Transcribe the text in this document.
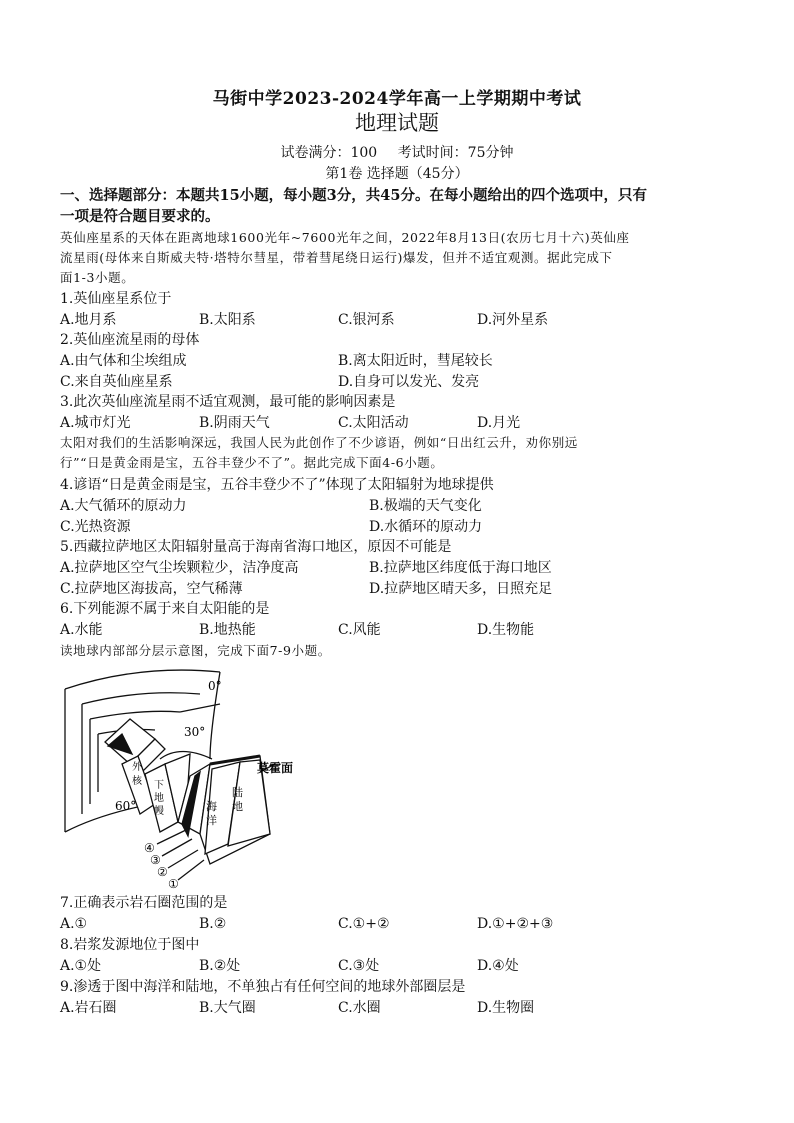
马街中学2023-2024学年高一上学期期中考试
地理试题
试卷满分：100 考试时间：75分钟
第1卷 选择题（45分）
一、选择题部分：本题共15小题，每小题3分，共45分。在每小题给出的四个选项中，只有
一项是符合题目要求的。
英仙座星系的天体在距离地球1600光年~7600光年之间，2022年8月13日(农历七月十六)英仙座
流星雨(母体来自斯威夫特·塔特尔彗星，带着彗尾绕日运行)爆发，但并不适宜观测。据此完成下
面1-3小题。
1.英仙座星系位于
A.地月系	B.太阳系	C.银河系	D.河外星系
2.英仙座流星雨的母体
A.由气体和尘埃组成	B.离太阳近时，彗尾较长
C.来自英仙座星系	D.自身可以发光、发亮
3.此次英仙座流星雨不适宜观测，最可能的影响因素是
A.城市灯光	B.阴雨天气	C.太阳活动	D.月光
太阳对我们的生活影响深远，我国人民为此创作了不少谚语，例如“日出红云升，劝你别远
行”“日是黄金雨是宝，五谷丰登少不了”。据此完成下面4-6小题。
4.谚语“日是黄金雨是宝，五谷丰登少不了”体现了太阳辐射为地球提供
A.大气循环的原动力	B.极端的天气变化
C.光热资源	D.水循环的原动力
5.西藏拉萨地区太阳辐射量高于海南省海口地区，原因不可能是
A.拉萨地区空气尘埃颗粒少，洁净度高	B.拉萨地区纬度低于海口地区
C.拉萨地区海拔高，空气稀薄	D.拉萨地区晴天多，日照充足
6.下列能源不属于来自太阳能的是
A.水能	B.地热能	C.风能	D.生物能
读地球内部部分层示意图，完成下面7-9小题。
0°
30°
60°
外
核 下
地
幔	海
洋
陆
地
莫霍面
④
③
②
①
7.正确表示岩石圈范围的是
A.①	B.②	C.①+②	D.①+②+③
8.岩浆发源地位于图中
A.①处	B.②处	C.③处	D.④处
9.渗透于图中海洋和陆地，不单独占有任何空间的地球外部圈层是
A.岩石圈	B.大气圈	C.水圈	D.生物圈
